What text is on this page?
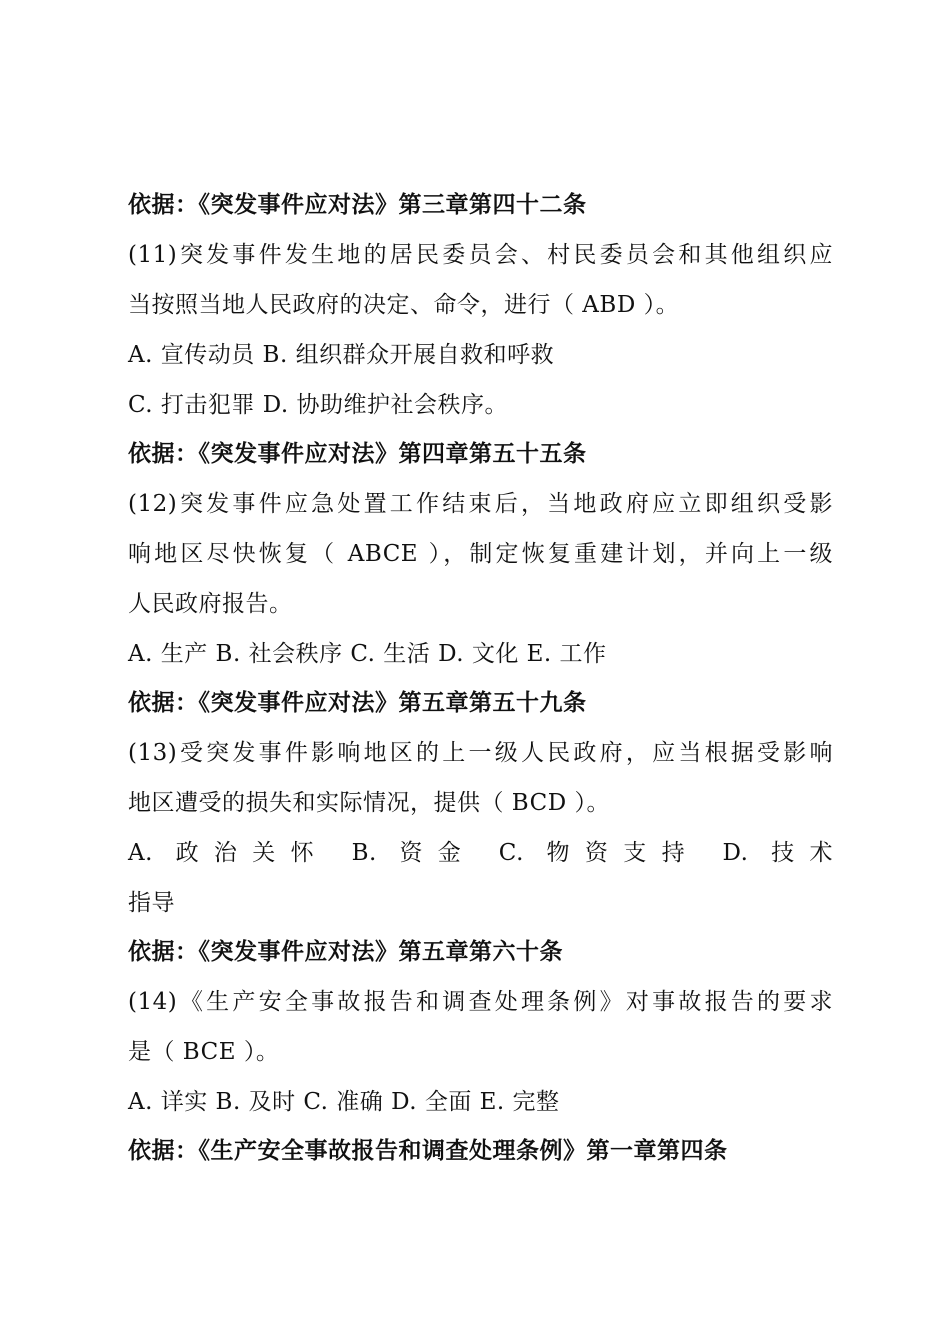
依据：《突发事件应对法》第三章第四十二条
(11)突发事件发生地的居民委员会、村民委员会和其他组织应
当按照当地人民政府的决定、命令，进行（ ABD ）。
A. 宣传动员 B. 组织群众开展自救和呼救
C. 打击犯罪 D. 协助维护社会秩序。
依据：《突发事件应对法》第四章第五十五条
(12)突发事件应急处置工作结束后，当地政府应立即组织受影
响地区尽快恢复（ ABCE ），制定恢复重建计划，并向上一级
人民政府报告。
A. 生产 B. 社会秩序 C. 生活 D. 文化 E. 工作
依据：《突发事件应对法》第五章第五十九条
(13)受突发事件影响地区的上一级人民政府，应当根据受影响
地区遭受的损失和实际情况，提供（ BCD ）。
A. 政治关怀 B. 资金 C. 物资支持 D. 技术
指导
依据：《突发事件应对法》第五章第六十条
(14)《生产安全事故报告和调查处理条例》对事故报告的要求
是（ BCE ）。
A. 详实 B. 及时 C. 准确 D. 全面 E. 完整
依据：《生产安全事故报告和调查处理条例》第一章第四条
